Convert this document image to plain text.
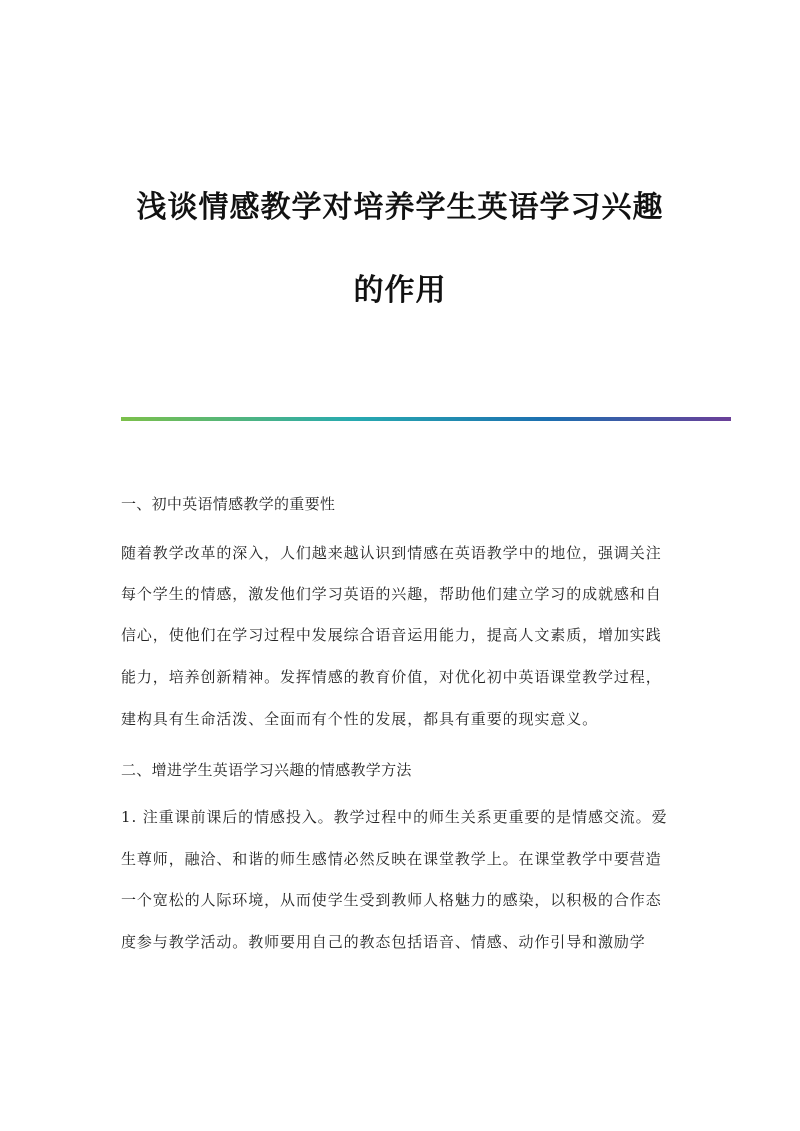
浅谈情感教学对培养学生英语学习兴趣
的作用
一、初中英语情感教学的重要性
随着教学改革的深入，人们越来越认识到情感在英语教学中的地位，强调关注
每个学生的情感，激发他们学习英语的兴趣，帮助他们建立学习的成就感和自
信心，使他们在学习过程中发展综合语音运用能力，提高人文素质，增加实践
能力，培养创新精神。发挥情感的教育价值，对优化初中英语课堂教学过程，
建构具有生命活泼、全面而有个性的发展，都具有重要的现实意义。
二、增进学生英语学习兴趣的情感教学方法
1. 注重课前课后的情感投入。教学过程中的师生关系更重要的是情感交流。爱
生尊师，融洽、和谐的师生感情必然反映在课堂教学上。在课堂教学中要营造
一个宽松的人际环境，从而使学生受到教师人格魅力的感染，以积极的合作态
度参与教学活动。教师要用自己的教态包括语音、情感、动作引导和激励学
